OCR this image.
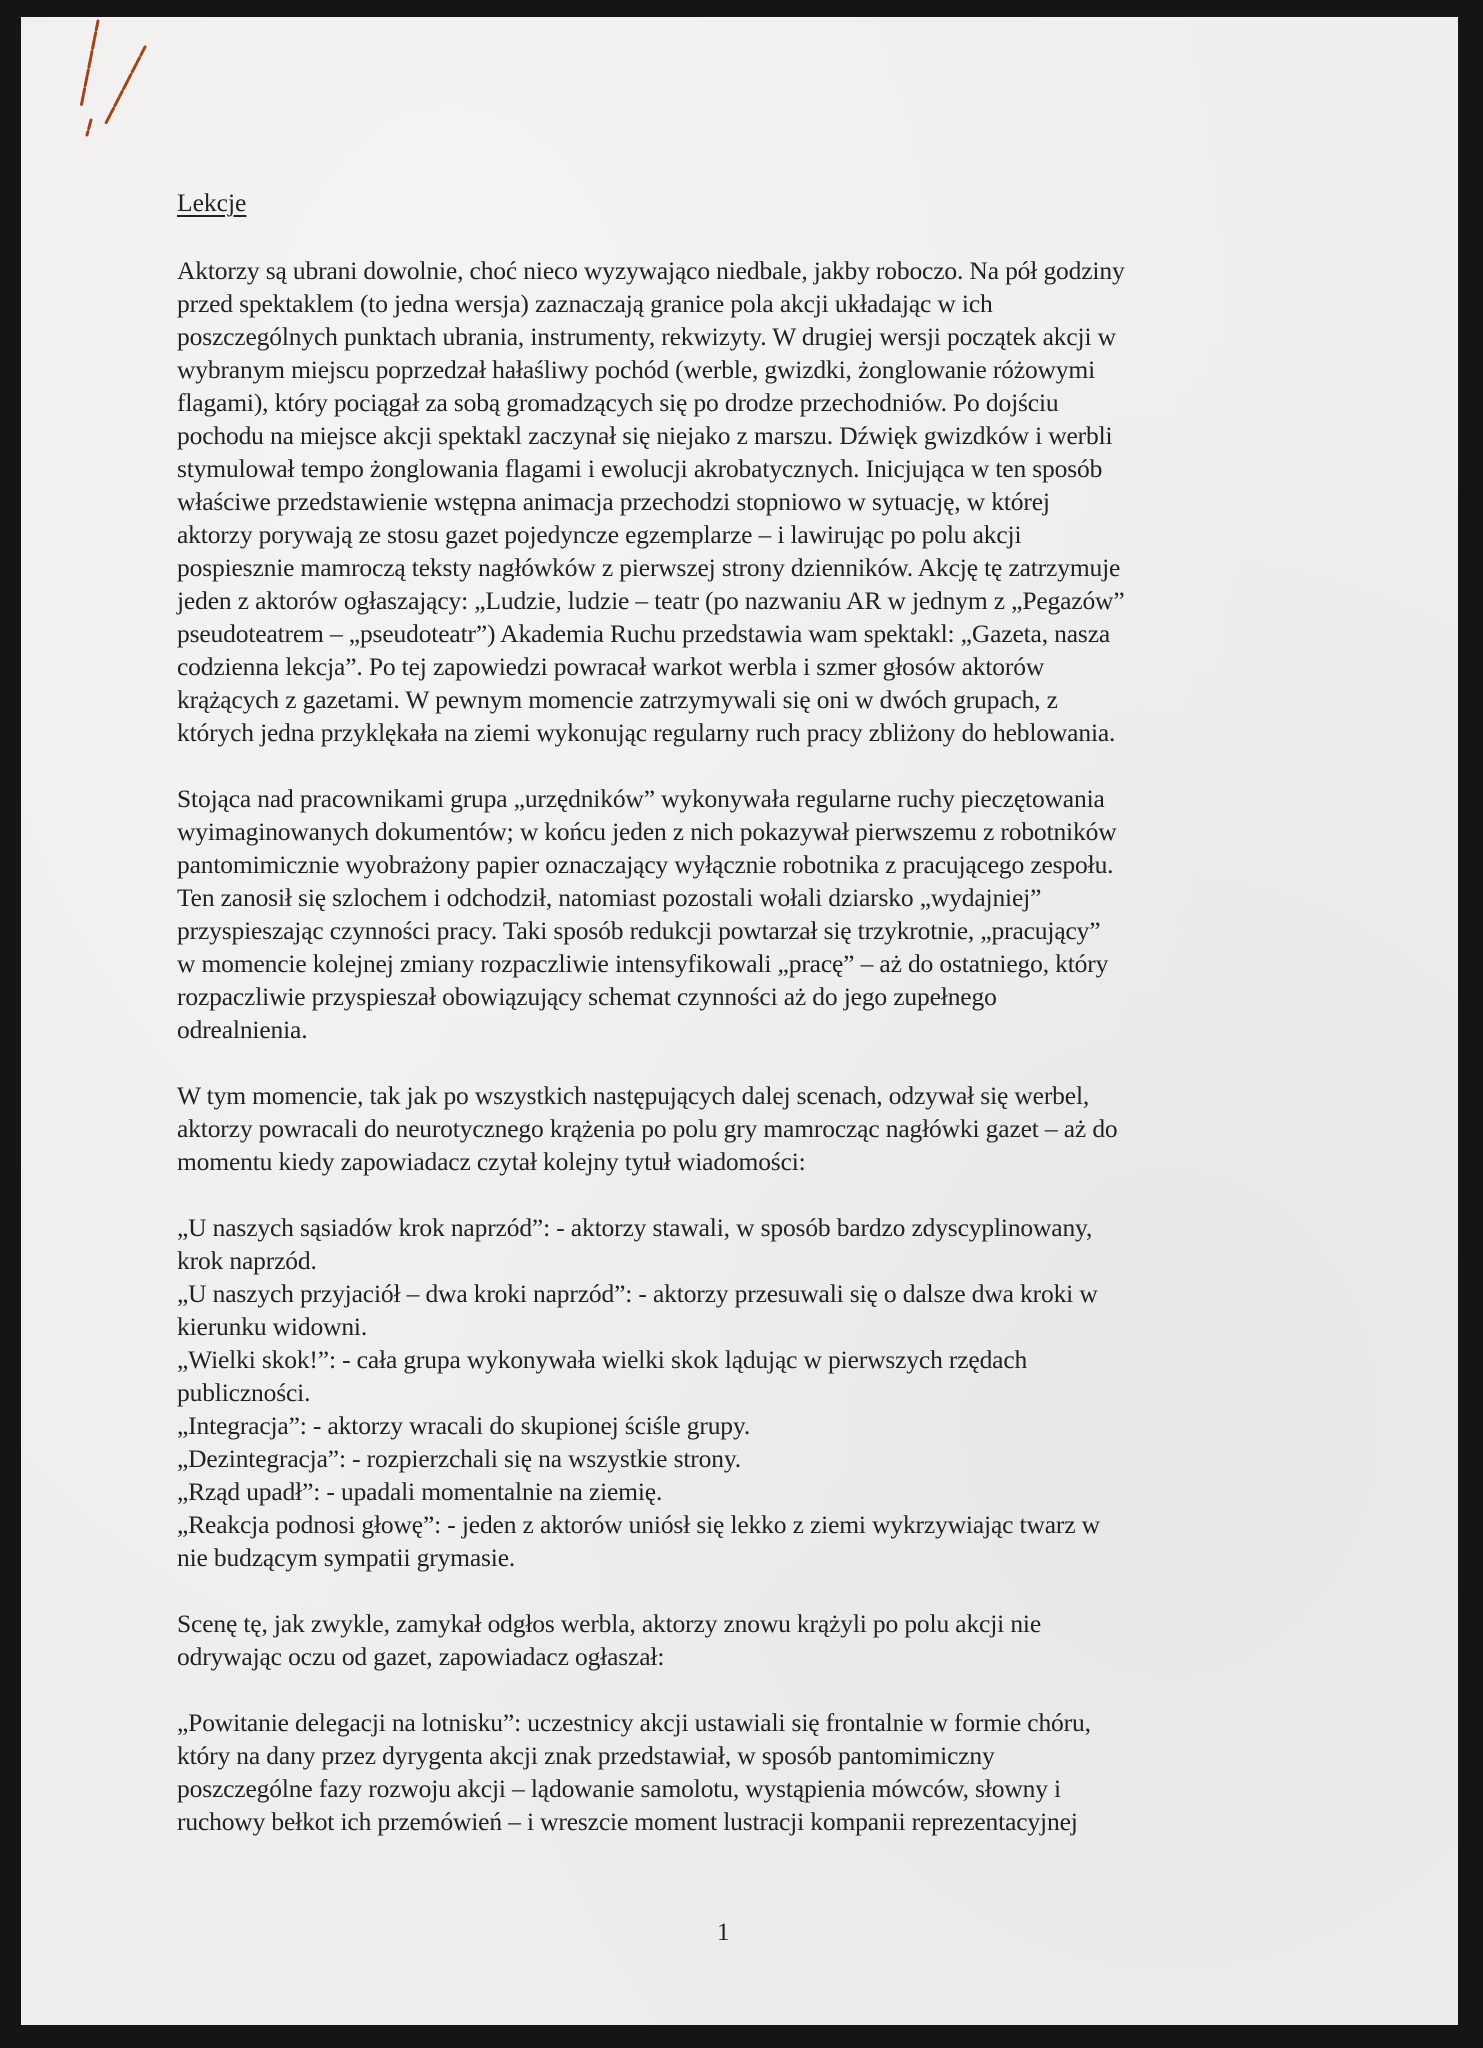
Lekcje
Aktorzy są ubrani dowolnie, choć nieco wyzywająco niedbale, jakby roboczo. Na pół godziny
przed spektaklem (to jedna wersja) zaznaczają granice pola akcji układając w ich
poszczególnych punktach ubrania, instrumenty, rekwizyty. W drugiej wersji początek akcji w
wybranym miejscu poprzedzał hałaśliwy pochód (werble, gwizdki, żonglowanie różowymi
flagami), który pociągał za sobą gromadzących się po drodze przechodniów. Po dojściu
pochodu na miejsce akcji spektakl zaczynał się niejako z marszu. Dźwięk gwizdków i werbli
stymulował tempo żonglowania flagami i ewolucji akrobatycznych. Inicjująca w ten sposób
właściwe przedstawienie wstępna animacja przechodzi stopniowo w sytuację, w której
aktorzy porywają ze stosu gazet pojedyncze egzemplarze – i lawirując po polu akcji
pospiesznie mamroczą teksty nagłówków z pierwszej strony dzienników. Akcję tę zatrzymuje
jeden z aktorów ogłaszający: „Ludzie, ludzie – teatr (po nazwaniu AR w jednym z „Pegazów”
pseudoteatrem – „pseudoteatr”) Akademia Ruchu przedstawia wam spektakl: „Gazeta, nasza
codzienna lekcja”. Po tej zapowiedzi powracał warkot werbla i szmer głosów aktorów
krążących z gazetami. W pewnym momencie zatrzymywali się oni w dwóch grupach, z
których jedna przyklękała na ziemi wykonując regularny ruch pracy zbliżony do heblowania.
Stojąca nad pracownikami grupa „urzędników” wykonywała regularne ruchy pieczętowania
wyimaginowanych dokumentów; w końcu jeden z nich pokazywał pierwszemu z robotników
pantomimicznie wyobrażony papier oznaczający wyłącznie robotnika z pracującego zespołu.
Ten zanosił się szlochem i odchodził, natomiast pozostali wołali dziarsko „wydajniej”
przyspieszając czynności pracy. Taki sposób redukcji powtarzał się trzykrotnie, „pracujący”
w momencie kolejnej zmiany rozpaczliwie intensyfikowali „pracę” – aż do ostatniego, który
rozpaczliwie przyspieszał obowiązujący schemat czynności aż do jego zupełnego
odrealnienia.
W tym momencie, tak jak po wszystkich następujących dalej scenach, odzywał się werbel,
aktorzy powracali do neurotycznego krążenia po polu gry mamrocząc nagłówki gazet – aż do
momentu kiedy zapowiadacz czytał kolejny tytuł wiadomości:
„U naszych sąsiadów krok naprzód”: - aktorzy stawali, w sposób bardzo zdyscyplinowany,
krok naprzód.
„U naszych przyjaciół – dwa kroki naprzód”: - aktorzy przesuwali się o dalsze dwa kroki w
kierunku widowni.
„Wielki skok!”: - cała grupa wykonywała wielki skok lądując w pierwszych rzędach
publiczności.
„Integracja”: - aktorzy wracali do skupionej ściśle grupy.
„Dezintegracja”: - rozpierzchali się na wszystkie strony.
„Rząd upadł”: - upadali momentalnie na ziemię.
„Reakcja podnosi głowę”: - jeden z aktorów uniósł się lekko z ziemi wykrzywiając twarz w
nie budzącym sympatii grymasie.
Scenę tę, jak zwykle, zamykał odgłos werbla, aktorzy znowu krążyli po polu akcji nie
odrywając oczu od gazet, zapowiadacz ogłaszał:
„Powitanie delegacji na lotnisku”: uczestnicy akcji ustawiali się frontalnie w formie chóru,
który na dany przez dyrygenta akcji znak przedstawiał, w sposób pantomimiczny
poszczególne fazy rozwoju akcji – lądowanie samolotu, wystąpienia mówców, słowny i
ruchowy bełkot ich przemówień – i wreszcie moment lustracji kompanii reprezentacyjnej
1
